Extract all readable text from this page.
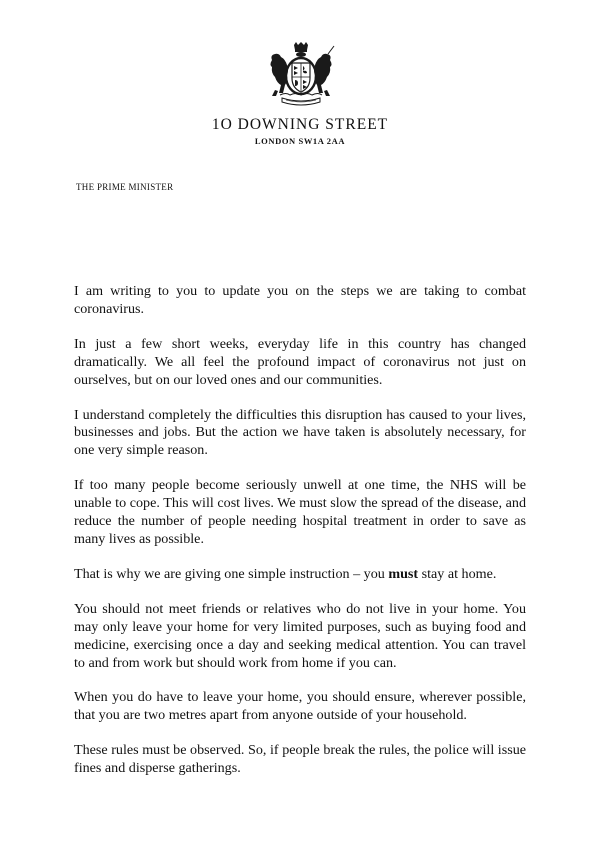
1O DOWNING STREET
LONDON SW1A 2AA
THE PRIME MINISTER

I am writing to you to update you on the steps we are taking to combat coronavirus.

In just a few short weeks, everyday life in this country has changed dramatically. We all feel the profound impact of coronavirus not just on ourselves, but on our loved ones and our communities.

I understand completely the difficulties this disruption has caused to your lives, businesses and jobs. But the action we have taken is absolutely necessary, for one very simple reason.

If too many people become seriously unwell at one time, the NHS will be unable to cope. This will cost lives. We must slow the spread of the disease, and reduce the number of people needing hospital treatment in order to save as many lives as possible.

That is why we are giving one simple instruction – you must stay at home.

You should not meet friends or relatives who do not live in your home. You may only leave your home for very limited purposes, such as buying food and medicine, exercising once a day and seeking medical attention. You can travel to and from work but should work from home if you can.

When you do have to leave your home, you should ensure, wherever possible, that you are two metres apart from anyone outside of your household.

These rules must be observed. So, if people break the rules, the police will issue fines and disperse gatherings.
